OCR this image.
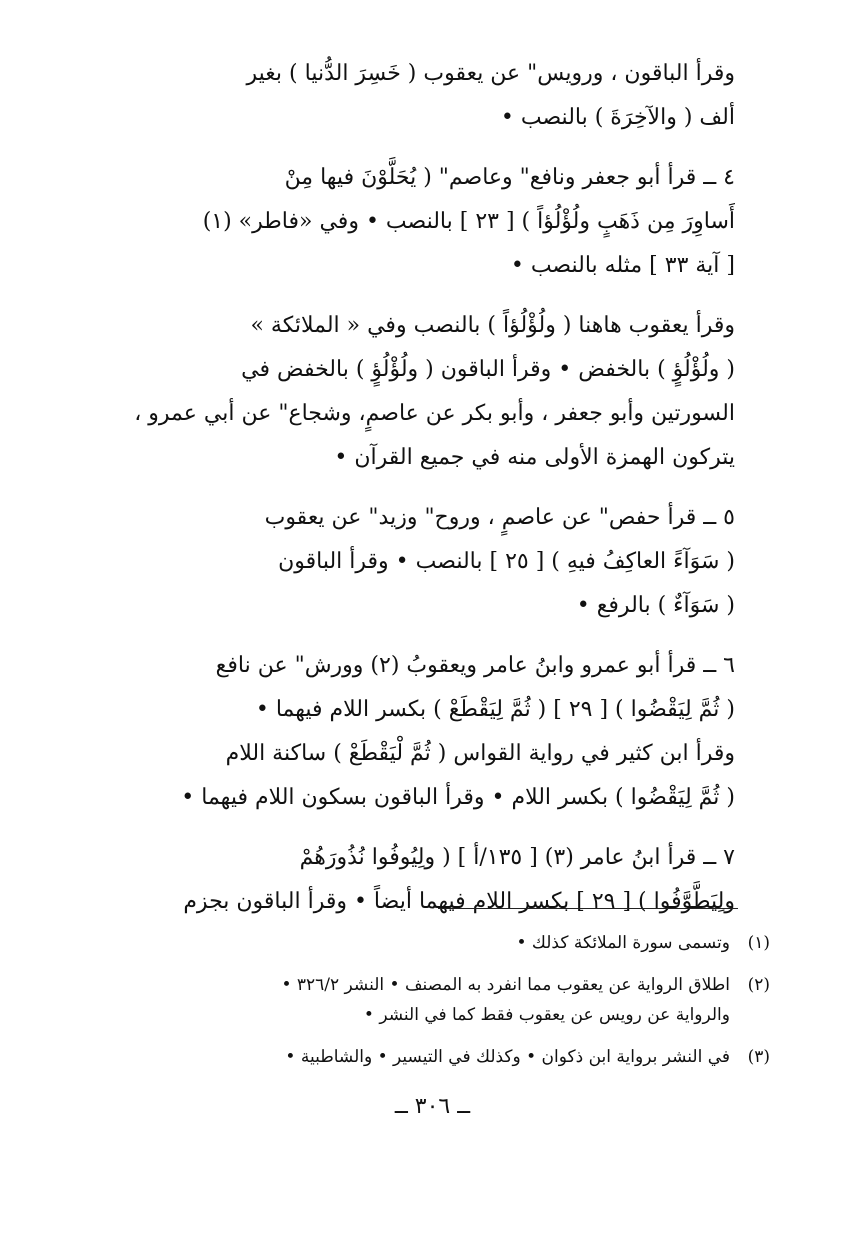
وقرأ الباقون ، ورويس" عن يعقوب ( خَسِرَ الدُّنيا ) بغير
ألف ( والآخِرَةَ ) بالنصب •

٤ ــ قرأ أبو جعفر ونافع" وعاصم" ( يُحَلَّوْنَ فيها مِنْ
أَساوِرَ مِن ذَهَبٍ ولُؤْلُؤاً ) [ ٢٣ ] بالنصب • وفي «فاطر» (١)
[ آية ٣٣ ] مثله بالنصب •

وقرأ يعقوب هاهنا ( ولُؤْلُؤاً ) بالنصب وفي « الملائكة »
( ولُؤْلُؤٍ ) بالخفض • وقرأ الباقون ( ولُؤْلُؤٍ ) بالخفض في
السورتين وأبو جعفر ، وأبو بكر عن عاصمٍ، وشجاع" عن أبي عمرو ،
يتركون الهمزة الأولى منه في جميع القرآن •

٥ ــ قرأ حفص" عن عاصمٍ ، وروح" وزيد" عن يعقوب
( سَوَآءً العاكِفُ فيهِ ) [ ٢٥ ] بالنصب • وقرأ الباقون
( سَوَآءٌ ) بالرفع •

٦ ــ قرأ أبو عمرو وابنُ عامر ويعقوبُ (٢) وورش" عن نافع
( ثُمَّ لِيَقْضُوا ) [ ٢٩ ] ( ثُمَّ لِيَقْطَعْ ) بكسر اللام فيهما •
وقرأ ابن كثير في رواية القواس ( ثُمَّ لْيَقْطَعْ ) ساكنة اللام
( ثُمَّ لِيَقْضُوا ) بكسر اللام • وقرأ الباقون بسكون اللام فيهما •

٧ ــ قرأ ابنُ عامر (٣) [ ١٣٥/أ ] ( ولِيُوفُوا نُذُورَهُمْ
ولِيَطَّوَّفُوا ) [ ٢٩ ] بكسر اللام فيهما أيضاً • وقرأ الباقون بجزم

(١)
وتسمى سورة الملائكة كذلك •
(٢)
اطلاق الرواية عن يعقوب مما انفرد به المصنف • النشر ٣٢٦/٢ •
والرواية عن رويس عن يعقوب فقط كما في النشر •
(٣)
في النشر برواية ابن ذكوان • وكذلك في التيسير • والشاطبية •
ــ ٣٠٦ ــ
